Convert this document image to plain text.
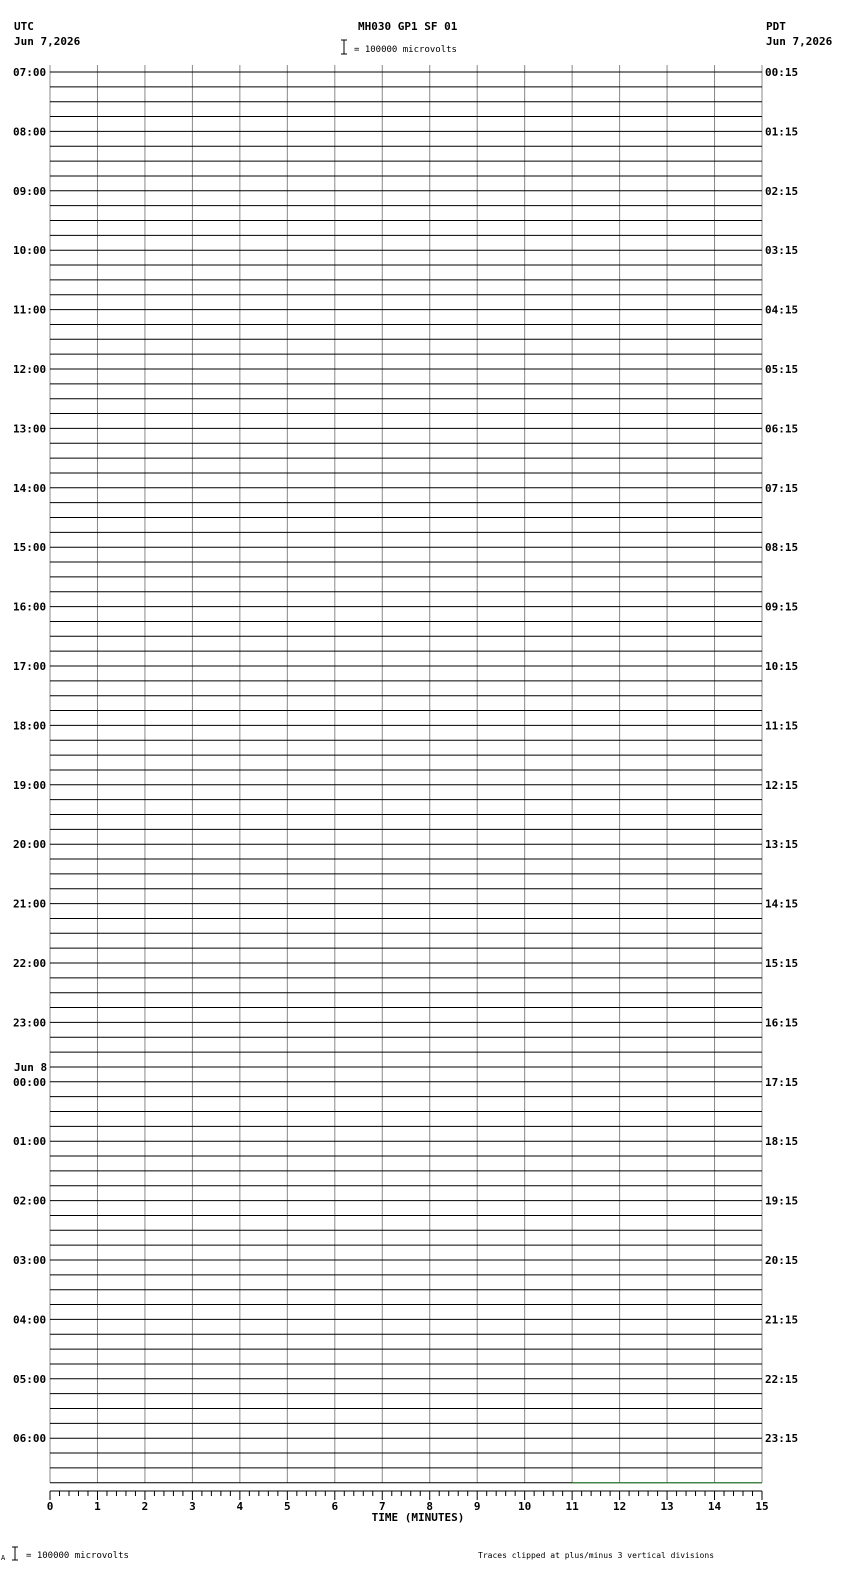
UTC
Jun 7,2026
MH030 GP1 SF 01
= 100000 microvolts
PDT
Jun 7,2026
0	1	2	3	4	5	6	7	8	9	10	11	12	13	14	15
07:00
08:00
09:00
10:00
11:00
12:00
13:00
14:00
15:00
16:00
17:00
18:00
19:00
20:00
21:00
22:00
23:00
Jun 8
00:00
01:00
02:00
03:00
04:00
05:00
06:00
00:15
01:15
02:15
03:15
04:15
05:15
06:15
07:15
08:15
09:15
10:15
11:15
12:15
13:15
14:15
15:15
16:15
17:15
18:15
19:15
20:15
21:15
22:15
23:15
TIME (MINUTES)
A = 100000 microvolts	Traces clipped at plus/minus 3 vertical divisions
